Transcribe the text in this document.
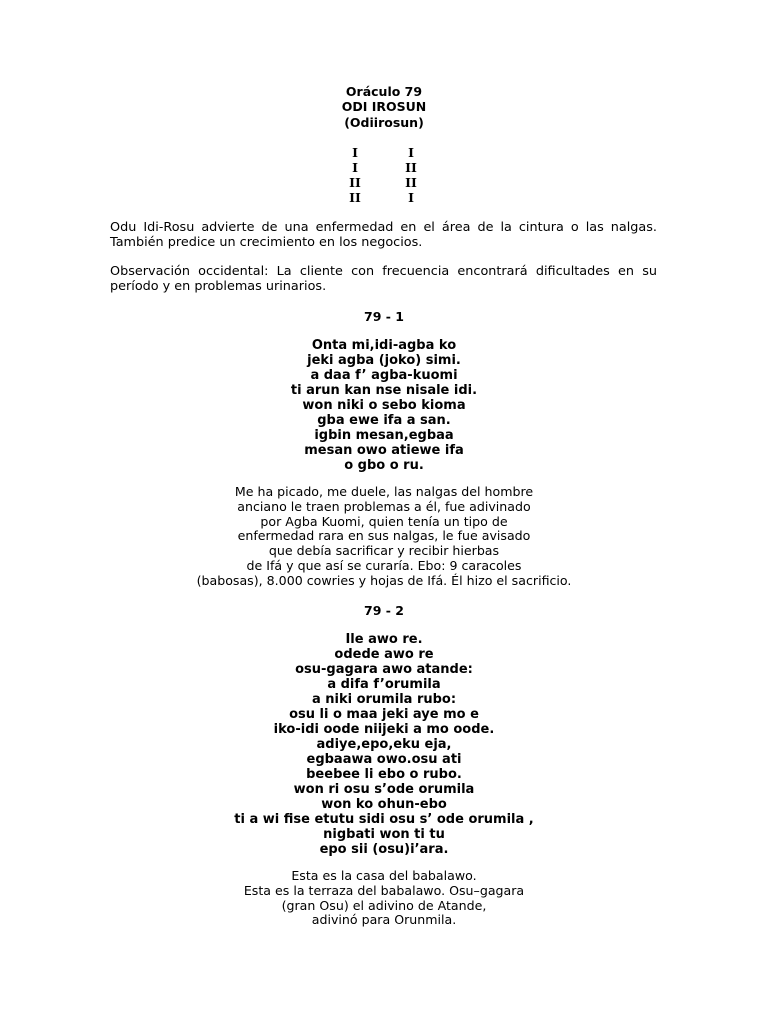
Oráculo 79
ODI IROSUN
(Odiirosun)
I
I
II
II
I
II
II
I
Odu Idi-Rosu advierte de una enfermedad en el área de la cintura o las nalgas.
También predice un crecimiento en los negocios.
Observación occidental: La cliente con frecuencia encontrará dificultades en su
período y en problemas urinarios.
79 - 1
Onta mi,idi-agba ko
jeki agba (joko) simi.
a daa f’ agba-kuomi
ti arun kan nse nisale idi.
won niki o sebo kioma
gba ewe ifa a san.
igbin mesan,egbaa
mesan owo atiewe ifa
o gbo o ru.
Me ha picado, me duele, las nalgas del hombre
anciano le traen problemas a él, fue adivinado
por Agba Kuomi, quien tenía un tipo de
enfermedad rara en sus nalgas, le fue avisado
que debía sacrificar y recibir hierbas
de Ifá y que así se curaría. Ebo: 9 caracoles
(babosas), 8.000 cowries y hojas de Ifá. Él hizo el sacrificio.
79 - 2
Ile awo re.
odede awo re
osu-gagara awo atande:
a difa f’orumila
a niki orumila rubo:
osu li o maa jeki aye mo e
iko-idi oode niijeki a mo oode.
adiye,epo,eku eja,
egbaawa owo.osu ati
beebee li ebo o rubo.
won ri osu s’ode orumila
won ko ohun-ebo
ti a wi fise etutu sidi osu s’ ode orumila ,
nigbati won ti tu
epo sii (osu)i’ara.
Esta es la casa del babalawo.
Esta es la terraza del babalawo. Osu–gagara
(gran Osu) el adivino de Atande,
adivinó para Orunmila.
